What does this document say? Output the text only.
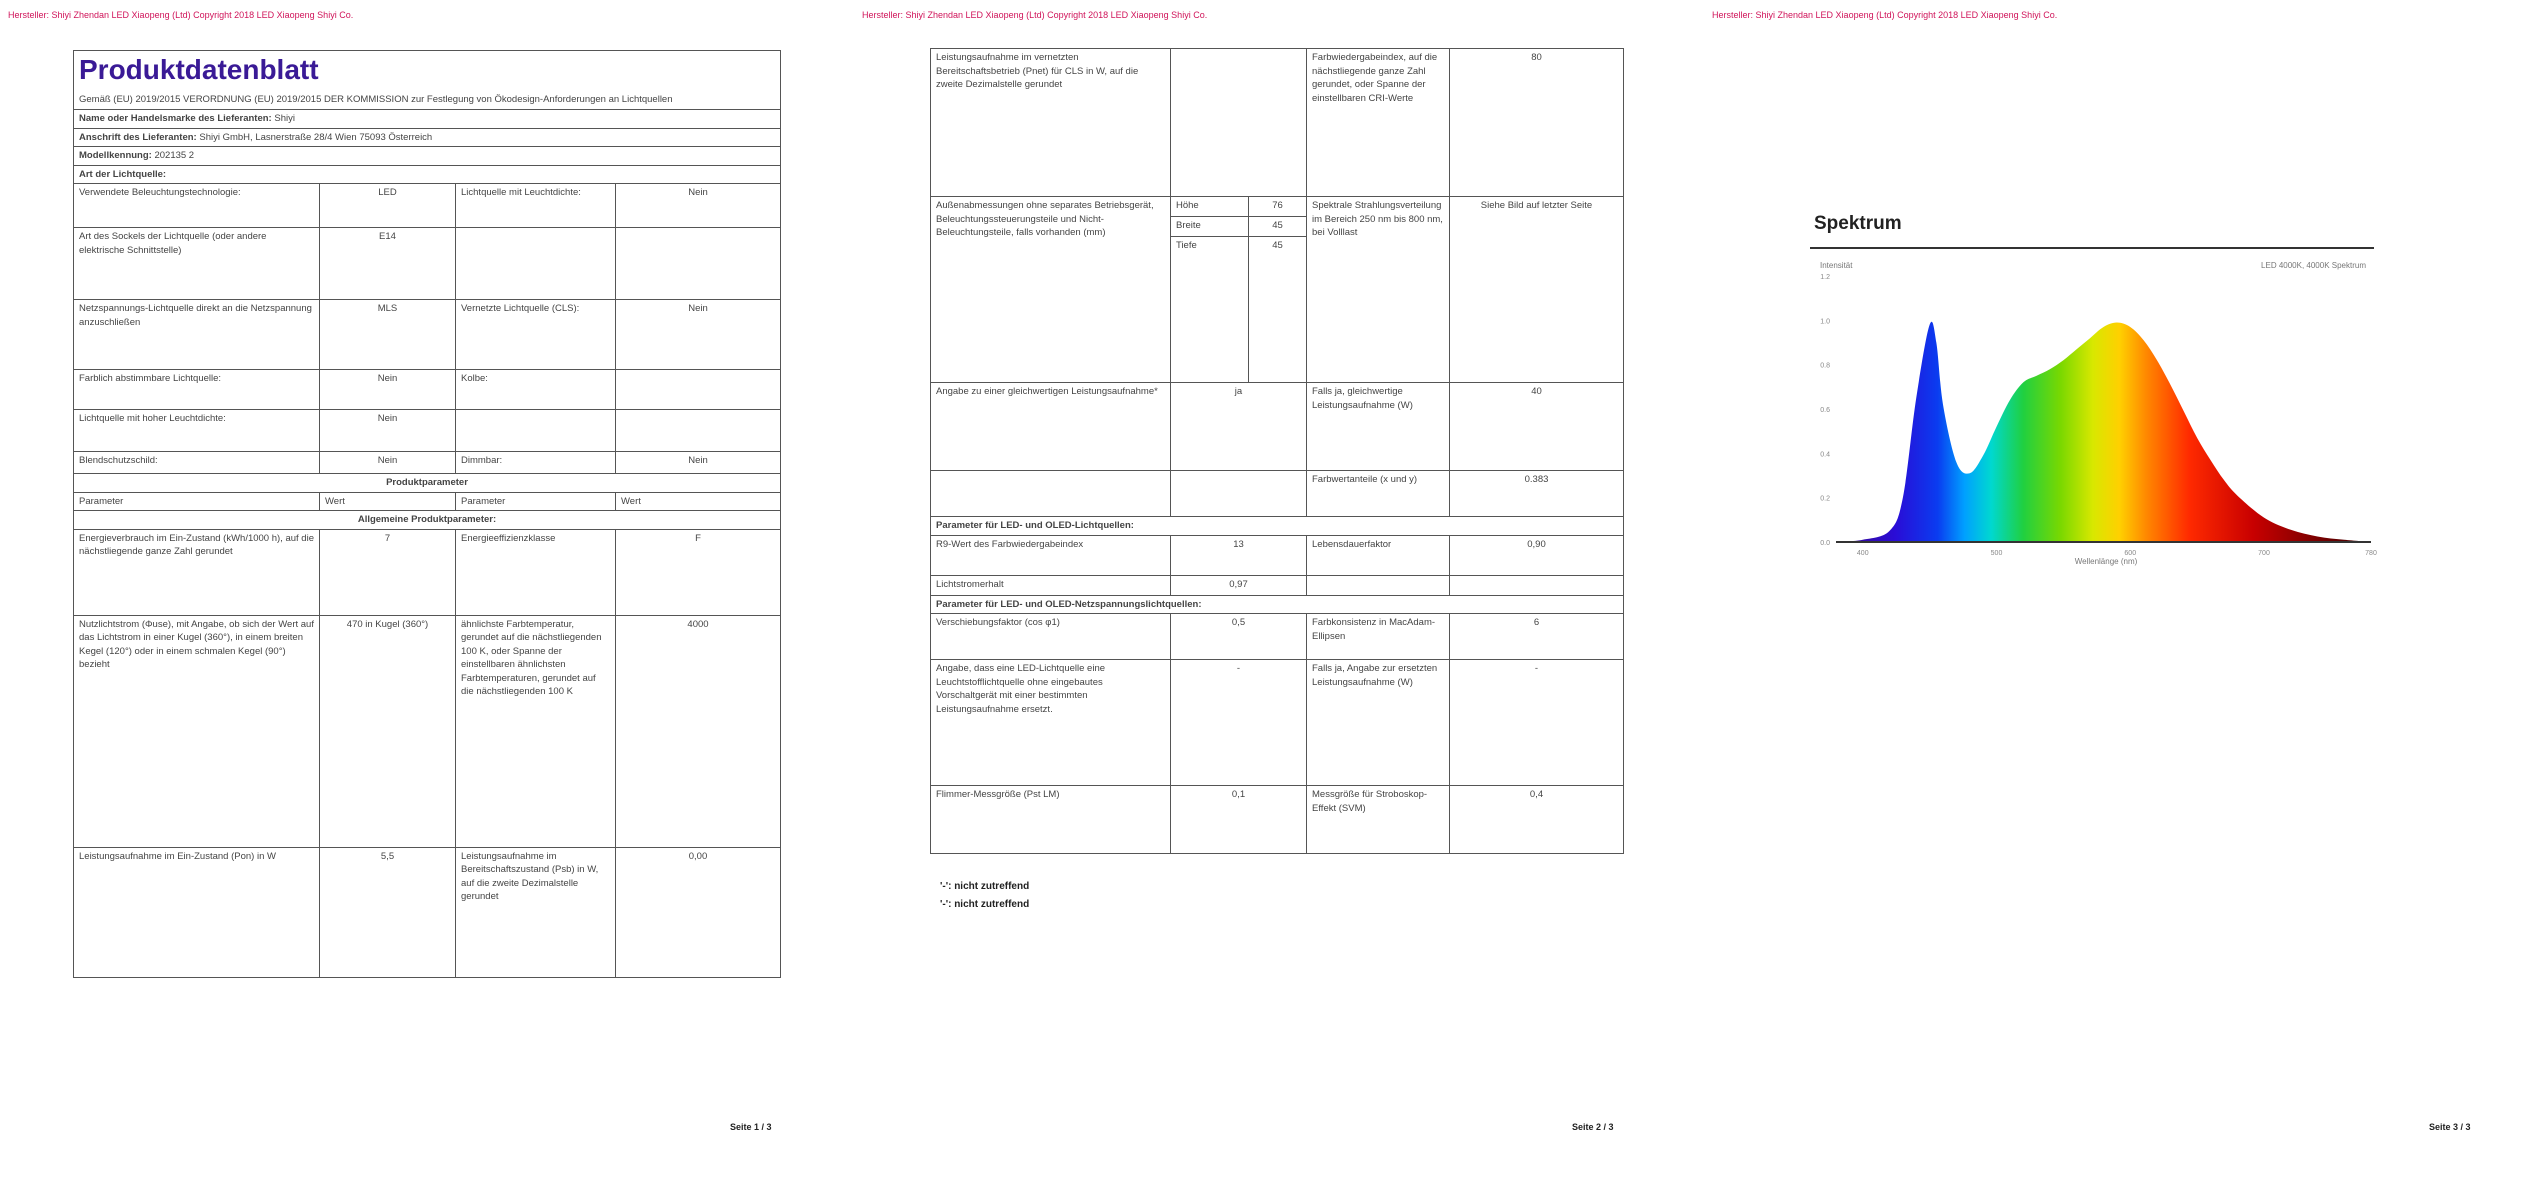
Hersteller: Shiyi Zhendan LED Xiaopeng (Ltd) Copyright 2018 LED Xiaopeng Shiyi Co.
Produktdatenblatt
Gemäß (EU) 2019/2015 VERORDNUNG (EU) 2019/2015 DER KOMMISSION zur Festlegung von Ökodesign-Anforderungen an Lichtquellen			

Name oder Handelsmarke des Lieferanten: Shiyi			
Anschrift des Lieferanten: Shiyi GmbH, Lasnerstraße 28/4 Wien 75093 Österreich			
Modellkennung: 202135 2			
Art der Lichtquelle:			
Verwendete Beleuchtungstechnologie:	LED	Lichtquelle mit Leuchtdichte:	Nein
Art des Sockels der Lichtquelle (oder andere elektrische Schnittstelle)	E14		
Netzspannungs-Lichtquelle direkt an die Netzspannung anzuschließen	MLS	Vernetzte Lichtquelle (CLS):	Nein
Farblich abstimmbare Lichtquelle:	Nein	Kolbe:	
Lichtquelle mit hoher Leuchtdichte:	Nein		
Blendschutzschild:	Nein	Dimmbar:	Nein
Produktparameter			
Parameter	Wert	Parameter	Wert
Allgemeine Produktparameter:			
Energieverbrauch im Ein-Zustand (kWh/1000 h), auf die nächstliegende ganze Zahl gerundet	7	Energieeffizienzklasse	F
Nutzlichtstrom (Φuse), mit Angabe, ob sich der Wert auf das Lichtstrom in einer Kugel (360°), in einem breiten Kegel (120°) oder in einem schmalen Kegel (90°) bezieht	470 in Kugel (360°)	ähnlichste Farbtemperatur, gerundet auf die nächstliegenden 100 K, oder Spanne der einstellbaren ähnlichsten Farbtemperaturen, gerundet auf die nächstliegenden 100 K	4000
Leistungsaufnahme im Ein-Zustand (Pon) in W	5,5	Leistungsaufnahme im Bereitschaftszustand (Psb) in W, auf die zweite Dezimalstelle gerundet	0,00
Seite 1 / 3
Hersteller: Shiyi Zhendan LED Xiaopeng (Ltd) Copyright 2018 LED Xiaopeng Shiyi Co.
Leistungsaufnahme im vernetzten Bereitschaftsbetrieb (Pnet) für CLS in W, auf die zweite Dezimalstelle gerundet			Farbwiedergabeindex, auf die nächstliegende ganze Zahl gerundet, oder Spanne der einstellbaren CRI-Werte	80
Außenabmessungen ohne separates Betriebsgerät, Beleuchtungssteuerungsteile und Nicht-Beleuchtungsteile, falls vorhanden (mm)	Höhe	76	Spektrale Strahlungsverteilung im Bereich 250 nm bis 800 nm, bei Volllast	Siehe Bild auf letzter Seite
	Breite	45		
	Tiefe	45		
Angabe zu einer gleichwertigen Leistungsaufnahme*	ja		Falls ja, gleichwertige Leistungsaufnahme (W)	40
			Farbwertanteile (x und y)	0.383
Parameter für LED- und OLED-Lichtquellen:				
R9-Wert des Farbwiedergabeindex	13		Lebensdauerfaktor	0,90
Lichtstromerhalt	0,97			
Parameter für LED- und OLED-Netzspannungslichtquellen:				
Verschiebungsfaktor (cos φ1)	0,5		Farbkonsistenz in MacAdam-Ellipsen	6
Angabe, dass eine LED-Lichtquelle eine Leuchtstofflichtquelle ohne eingebautes Vorschaltgerät mit einer bestimmten Leistungsaufnahme ersetzt.	-		Falls ja, Angabe zur ersetzten Leistungsaufnahme (W)	-
Flimmer-Messgröße (Pst LM)	0,1		Messgröße für Stroboskop-Effekt (SVM)	0,4
'-': nicht zutreffend
'-': nicht zutreffend
Seite 2 / 3
Hersteller: Shiyi Zhendan LED Xiaopeng (Ltd) Copyright 2018 LED Xiaopeng Shiyi Co.
Spektrum
Intensität	LED 4000K, 4000K Spektrum
0.0
0.2
0.4
0.6
0.8
1.0
1.2
400	500	600	700	780
Wellenlänge (nm)
Seite 3 / 3
